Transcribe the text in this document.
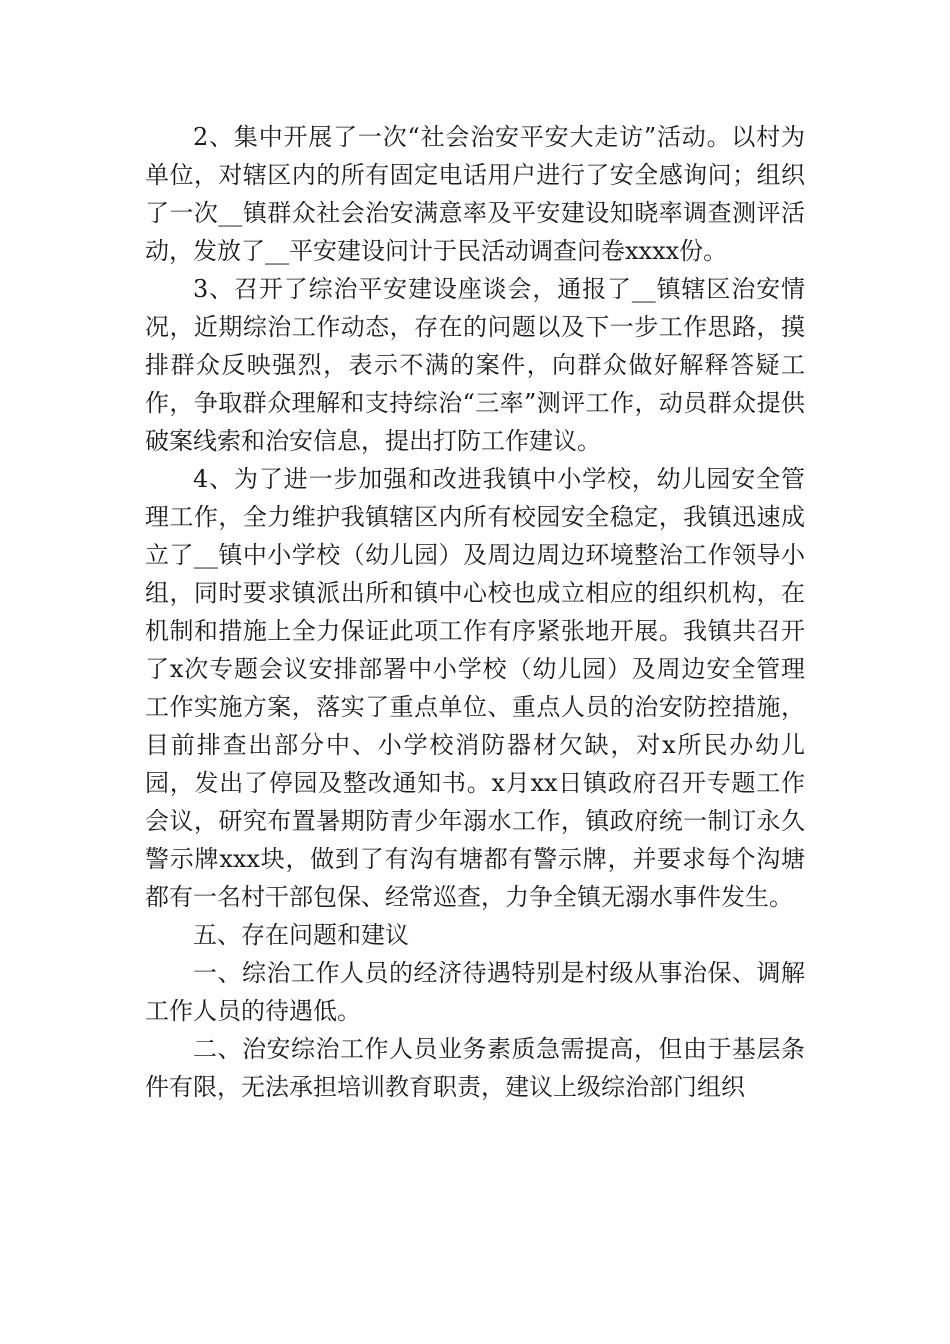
2、集中开展了一次“社会治安平安大走访”活动。以村为单位，对辖区内的所有固定电话用户进行了安全感询问；组织了一次__镇群众社会治安满意率及平安建设知晓率调查测评活动，发放了__平安建设问计于民活动调查问卷xxxx份。

3、召开了综治平安建设座谈会，通报了__镇辖区治安情况，近期综治工作动态，存在的问题以及下一步工作思路，摸排群众反映强烈，表示不满的案件，向群众做好解释答疑工作，争取群众理解和支持综治“三率”测评工作，动员群众提供破案线索和治安信息，提出打防工作建议。

4、为了进一步加强和改进我镇中小学校，幼儿园安全管理工作，全力维护我镇辖区内所有校园安全稳定，我镇迅速成立了__镇中小学校（幼儿园）及周边周边环境整治工作领导小组，同时要求镇派出所和镇中心校也成立相应的组织机构，在机制和措施上全力保证此项工作有序紧张地开展。我镇共召开了x次专题会议安排部署中小学校（幼儿园）及周边安全管理工作实施方案，落实了重点单位、重点人员的治安防控措施，目前排查出部分中、小学校消防器材欠缺，对x所民办幼儿园，发出了停园及整改通知书。x月xx日镇政府召开专题工作会议，研究布置暑期防青少年溺水工作，镇政府统一制订永久警示牌xxx块，做到了有沟有塘都有警示牌，并要求每个沟塘都有一名村干部包保、经常巡查，力争全镇无溺水事件发生。

五、存在问题和建议

一、综治工作人员的经济待遇特别是村级从事治保、调解工作人员的待遇低。

二、治安综治工作人员业务素质急需提高，但由于基层条件有限，无法承担培训教育职责，建议上级综治部门组织
